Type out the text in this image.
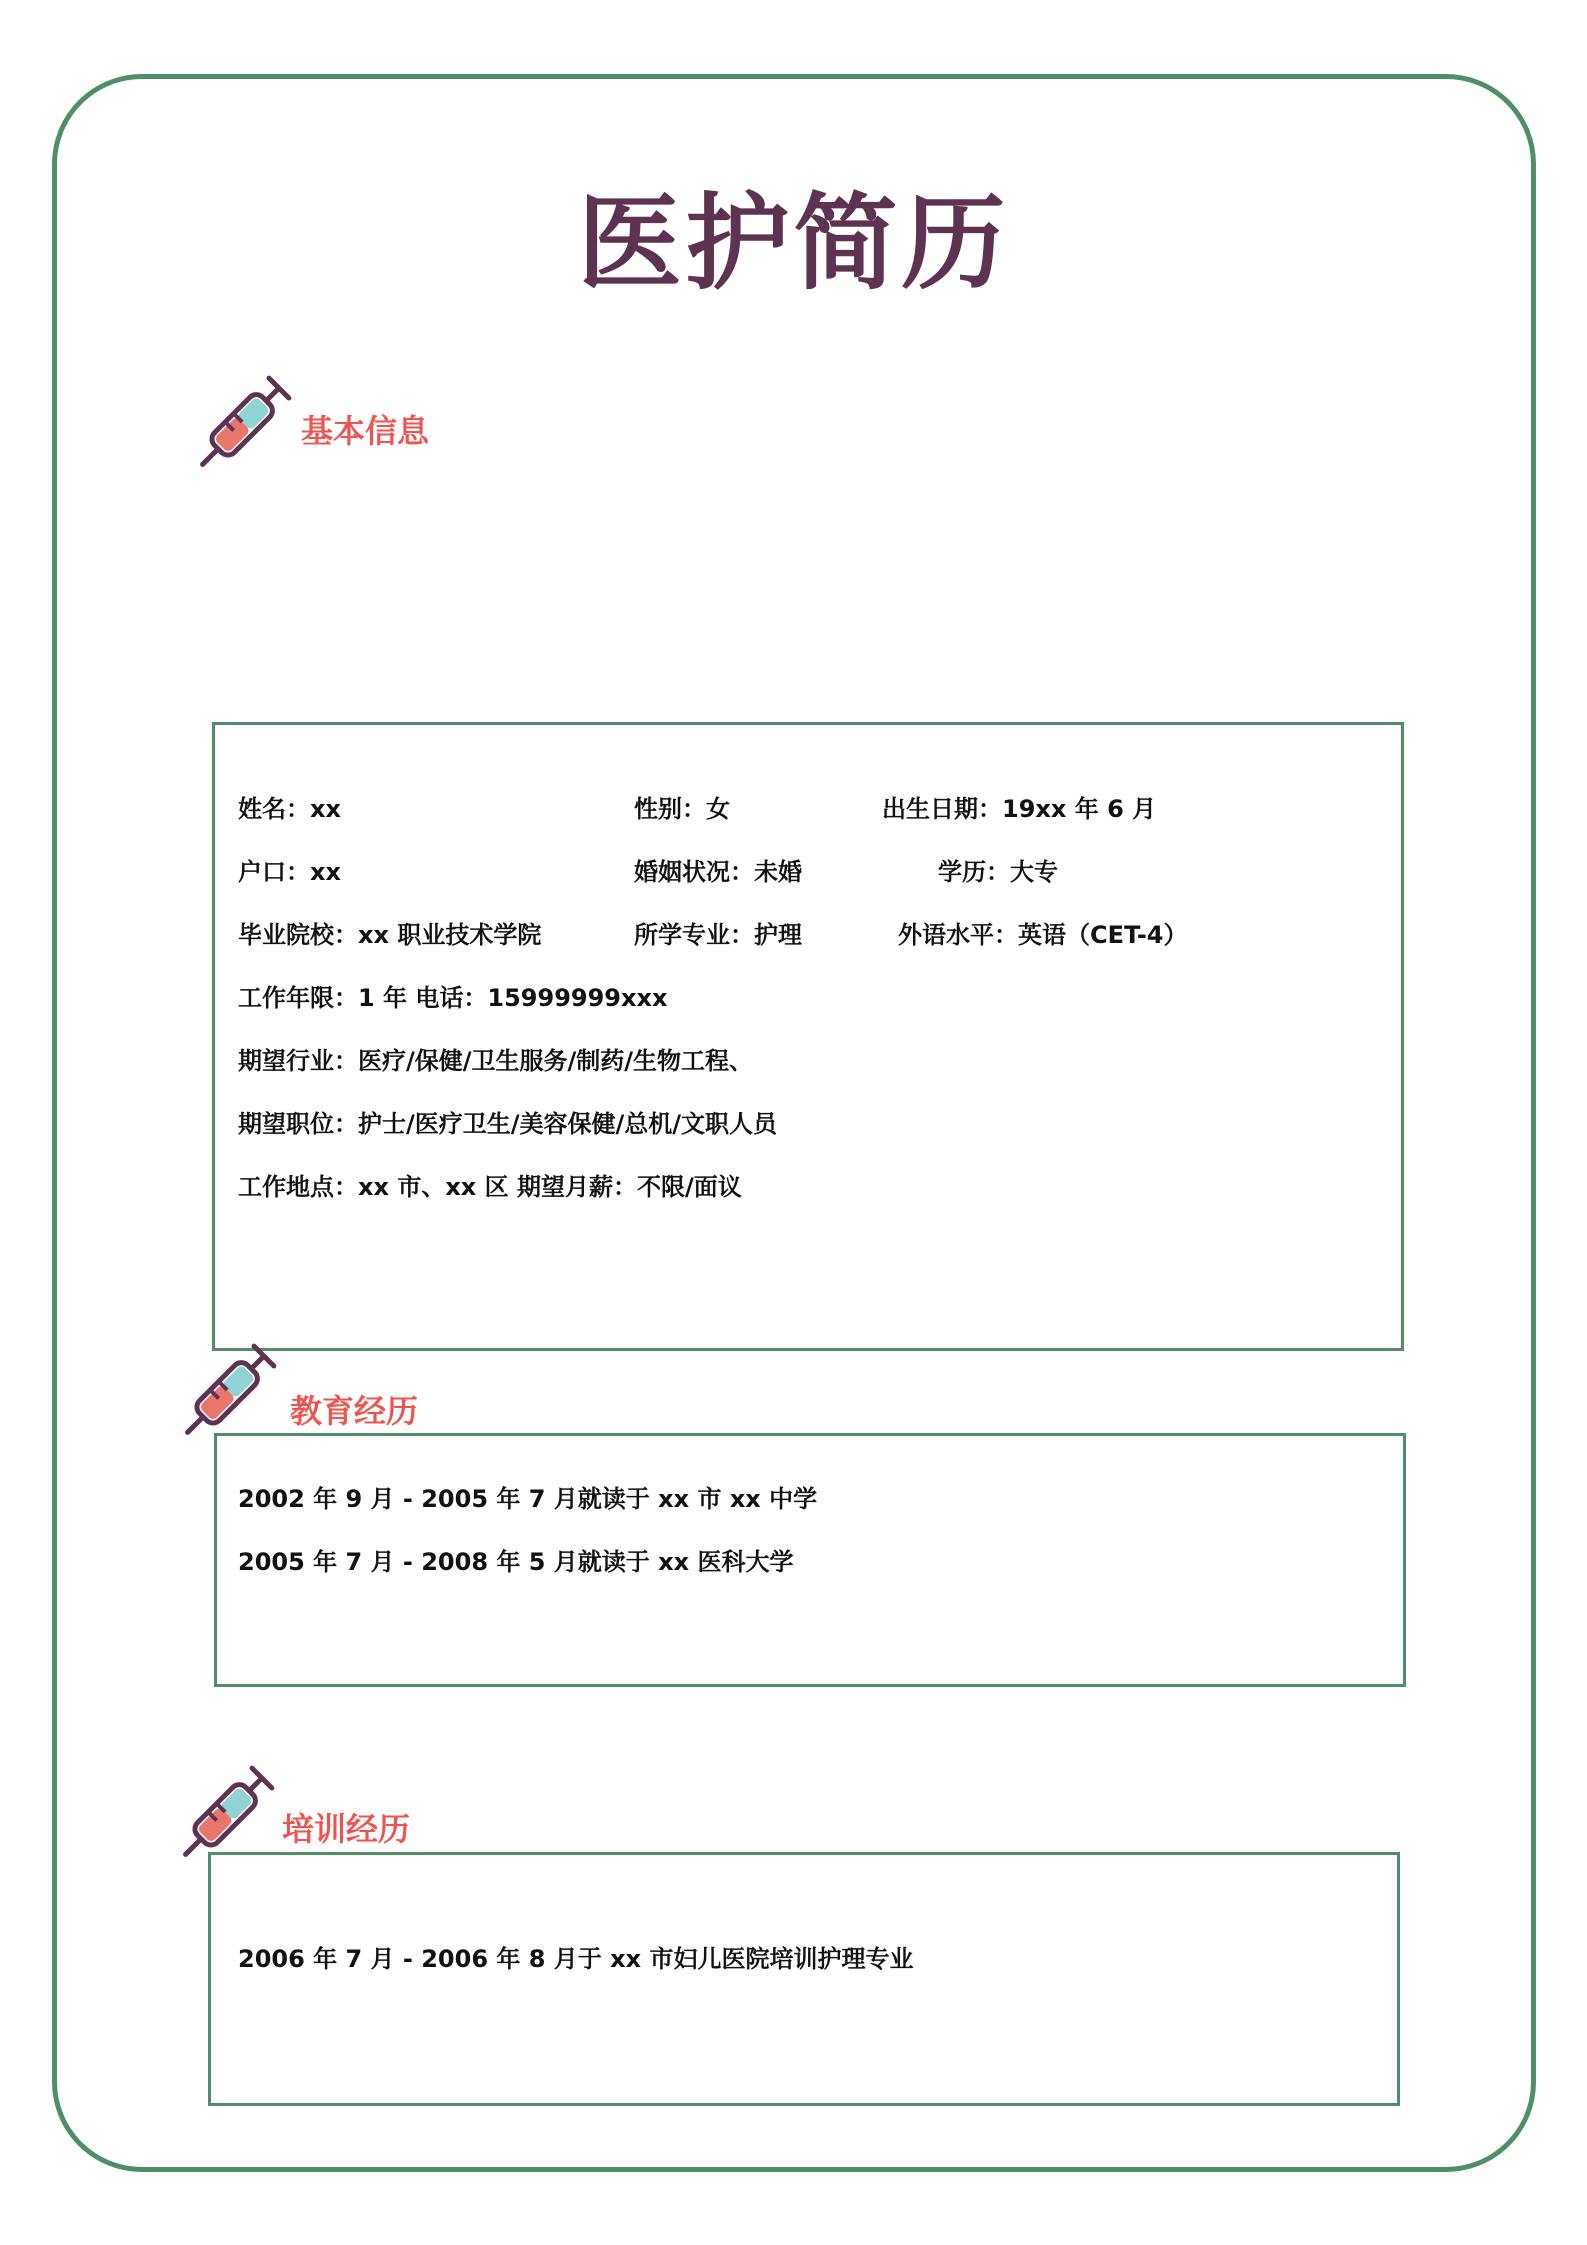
医护简历
基本信息
姓名：xx	性别：女	出生日期：19xx 年 6 月
户口：xx	婚姻状况：未婚	学历：大专
毕业院校：xx 职业技术学院	所学专业：护理	外语水平：英语（CET-4）
工作年限：1 年 电话：15999999xxx
期望行业：医疗/保健/卫生服务/制药/生物工程、
期望职位：护士/医疗卫生/美容保健/总机/文职人员
工作地点：xx 市、xx 区 期望月薪：不限/面议
教育经历
2002 年 9 月 - 2005 年 7 月就读于 xx 市 xx 中学
2005 年 7 月 - 2008 年 5 月就读于 xx 医科大学
培训经历
2006 年 7 月 - 2006 年 8 月于 xx 市妇儿医院培训护理专业
